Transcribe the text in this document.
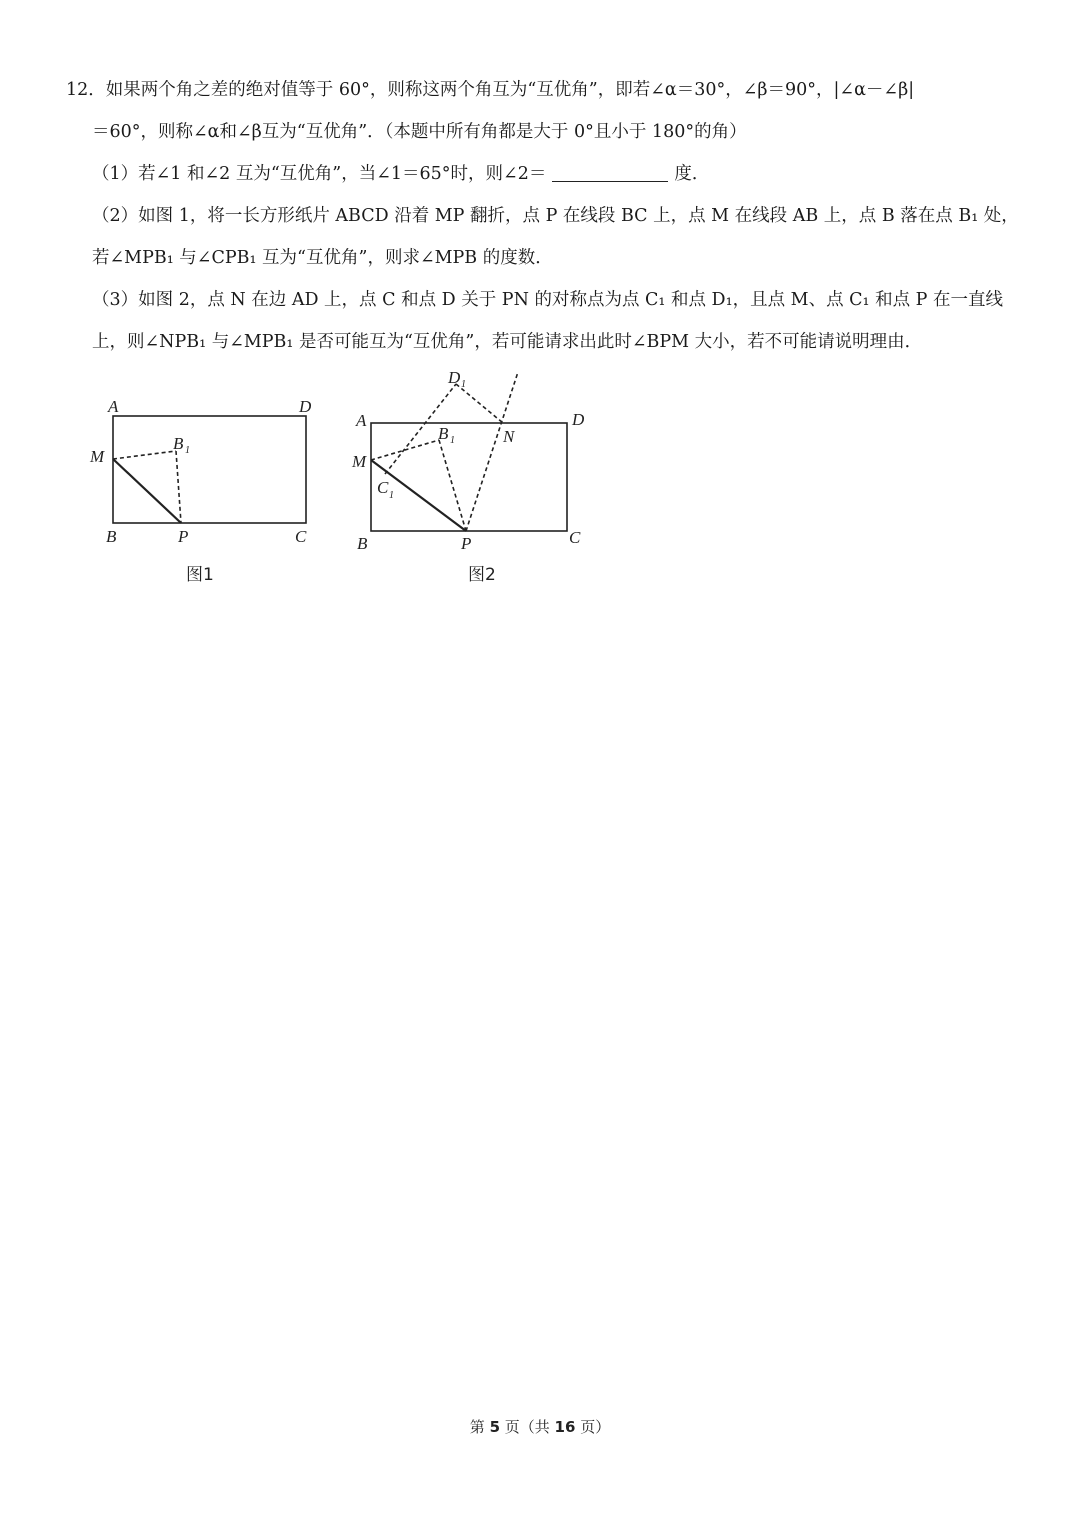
12．如果两个角之差的绝对值等于 60°，则称这两个角互为“互优角”，即若∠α＝30°，∠β＝90°，|∠α－∠β|
＝60°，则称∠α和∠β互为“互优角”．（本题中所有角都是大于 0°且小于 180°的角）
（1）若∠1 和∠2 互为“互优角”，当∠1＝65°时，则∠2＝	度．
（2）如图 1，将一长方形纸片 ABCD 沿着 MP 翻折，点 P 在线段 BC 上，点 M 在线段 AB 上，点 B 落在点 B₁ 处，
若∠MPB₁ 与∠CPB₁ 互为“互优角”，则求∠MPB 的度数．
（3）如图 2，点 N 在边 AD 上，点 C 和点 D 关于 PN 的对称点为点 C₁ 和点 D₁，且点 M、点 C₁ 和点 P 在一直线
上，则∠NPB₁ 与∠MPB₁ 是否可能互为“互优角”，若可能请求出此时∠BPM 大小，若不可能请说明理由．
A	D
M
B 1
B	P	C
图1
D 1
A	D
B 1	N
M
C 1
B	P	C
图2
第 5 页（共 16 页）
